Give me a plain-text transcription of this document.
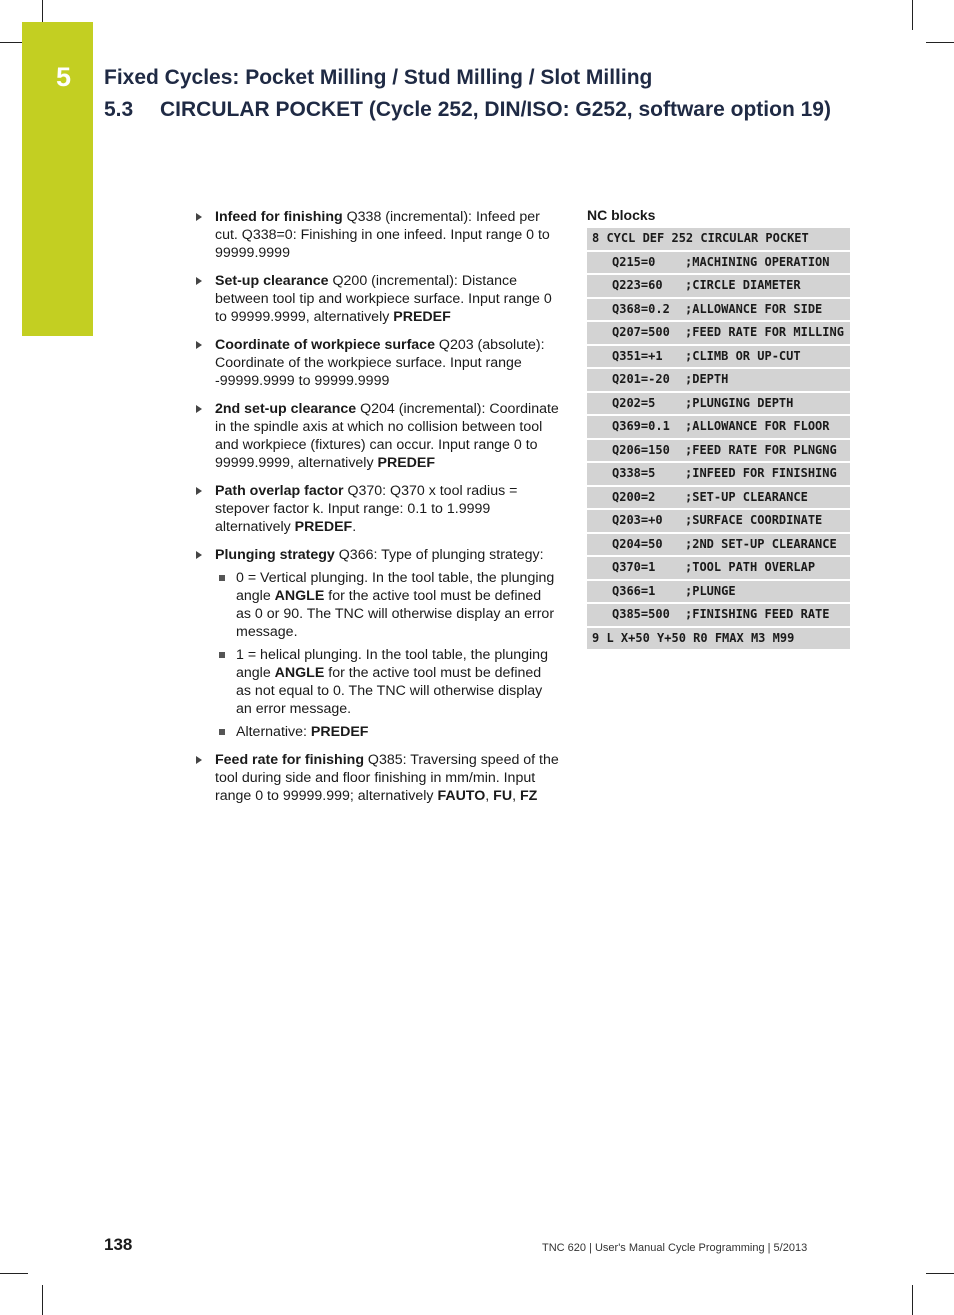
5 Fixed Cycles: Pocket Milling / Stud Milling / Slot Milling
5.3 CIRCULAR POCKET (Cycle 252, DIN/ISO: G252, software option 19)
Infeed for finishing Q338 (incremental): Infeed per cut. Q338=0: Finishing in one infeed. Input range 0 to 99999.9999
Set-up clearance Q200 (incremental): Distance between tool tip and workpiece surface. Input range 0 to 99999.9999, alternatively PREDEF
Coordinate of workpiece surface Q203 (absolute): Coordinate of the workpiece surface. Input range -99999.9999 to 99999.9999
2nd set-up clearance Q204 (incremental): Coordinate in the spindle axis at which no collision between tool and workpiece (fixtures) can occur. Input range 0 to 99999.9999, alternatively PREDEF
Path overlap factor Q370: Q370 x tool radius = stepover factor k. Input range: 0.1 to 1.9999 alternatively PREDEF.
Plunging strategy Q366: Type of plunging strategy:
0 = Vertical plunging. In the tool table, the plunging angle ANGLE for the active tool must be defined as 0 or 90. The TNC will otherwise display an error message.
1 = helical plunging. In the tool table, the plunging angle ANGLE for the active tool must be defined as not equal to 0. The TNC will otherwise display an error message.
Alternative: PREDEF
Feed rate for finishing Q385: Traversing speed of the tool during side and floor finishing in mm/min. Input range 0 to 99999.999; alternatively FAUTO, FU, FZ
NC blocks
8 CYCL DEF 252 CIRCULAR POCKET
Q215=0	;MACHINING OPERATION
Q223=60	;CIRCLE DIAMETER
Q368=0.2	;ALLOWANCE FOR SIDE
Q207=500	;FEED RATE FOR MILLING
Q351=+1	;CLIMB OR UP-CUT
Q201=-20	;DEPTH
Q202=5	;PLUNGING DEPTH
Q369=0.1	;ALLOWANCE FOR FLOOR
Q206=150	;FEED RATE FOR PLNGNG
Q338=5	;INFEED FOR FINISHING
Q200=2	;SET-UP CLEARANCE
Q203=+0	;SURFACE COORDINATE
Q204=50	;2ND SET-UP CLEARANCE
Q370=1	;TOOL PATH OVERLAP
Q366=1	;PLUNGE
Q385=500	;FINISHING FEED RATE
9 L X+50 Y+50 R0 FMAX M3 M99
138	TNC 620 | User's Manual Cycle Programming | 5/2013
